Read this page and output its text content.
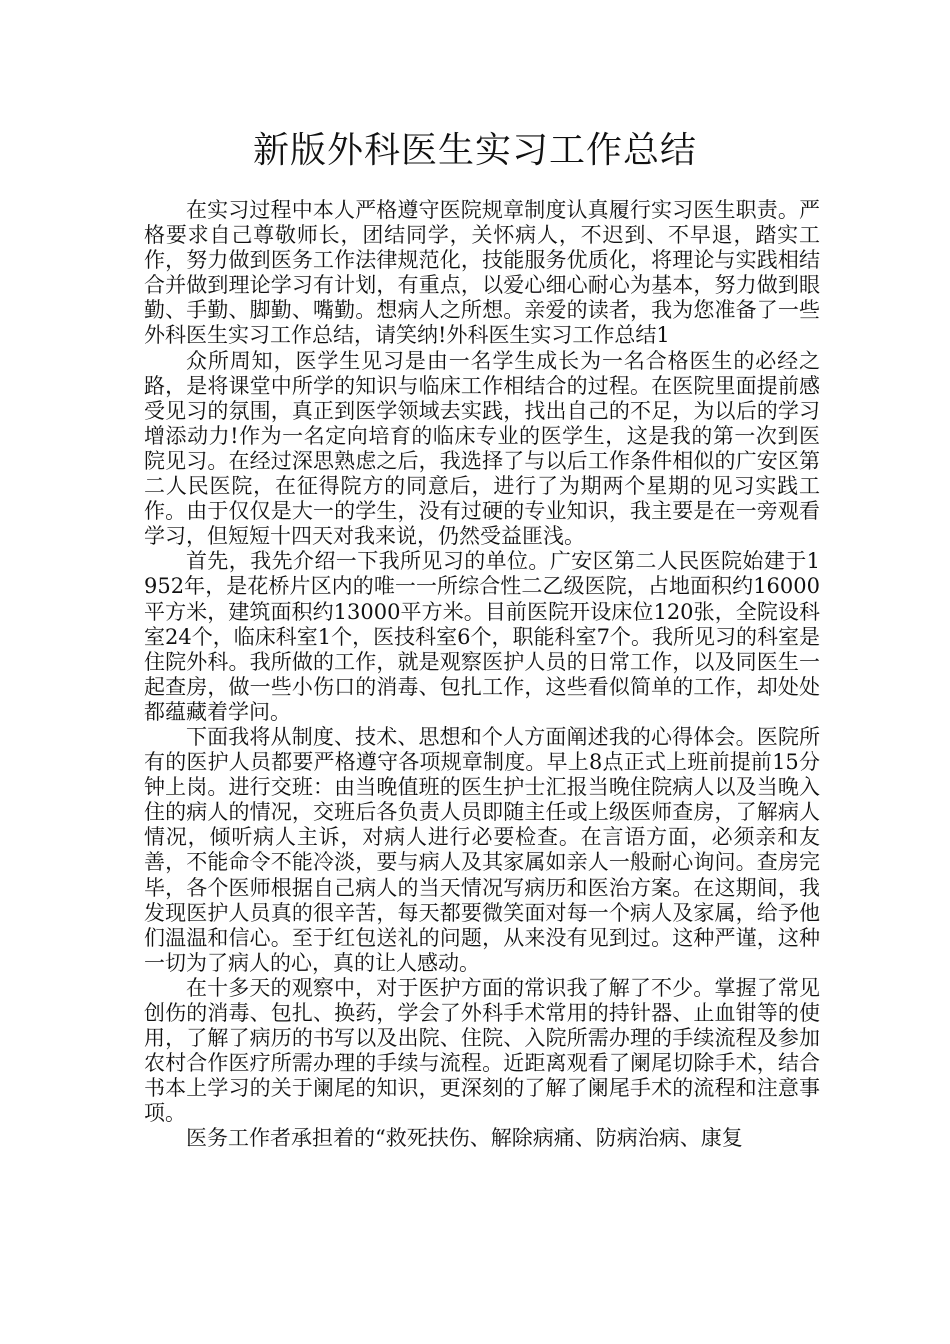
新版外科医生实习工作总结

在实习过程中本人严格遵守医院规章制度认真履行实习医生职责。严格要求自己尊敬师长，团结同学，关怀病人，不迟到、不早退，踏实工作，努力做到医务工作法律规范化，技能服务优质化，将理论与实践相结合并做到理论学习有计划，有重点，以爱心细心耐心为基本，努力做到眼勤、手勤、脚勤、嘴勤。想病人之所想。亲爱的读者，我为您准备了一些外科医生实习工作总结，请笑纳!外科医生实习工作总结1

众所周知，医学生见习是由一名学生成长为一名合格医生的必经之路，是将课堂中所学的知识与临床工作相结合的过程。在医院里面提前感受见习的氛围，真正到医学领域去实践，找出自己的不足，为以后的学习增添动力!作为一名定向培育的临床专业的医学生，这是我的第一次到医院见习。在经过深思熟虑之后，我选择了与以后工作条件相似的广安区第二人民医院，在征得院方的同意后，进行了为期两个星期的见习实践工作。由于仅仅是大一的学生，没有过硬的专业知识，我主要是在一旁观看学习，但短短十四天对我来说，仍然受益匪浅。

首先，我先介绍一下我所见习的单位。广安区第二人民医院始建于1952年，是花桥片区内的唯一一所综合性二乙级医院，占地面积约16000平方米，建筑面积约13000平方米。目前医院开设床位120张，全院设科室24个，临床科室1个，医技科室6个，职能科室7个。我所见习的科室是住院外科。我所做的工作，就是观察医护人员的日常工作，以及同医生一起查房，做一些小伤口的消毒、包扎工作，这些看似简单的工作，却处处都蕴藏着学问。

下面我将从制度、技术、思想和个人方面阐述我的心得体会。医院所有的医护人员都要严格遵守各项规章制度。早上8点正式上班前提前15分钟上岗。进行交班：由当晚值班的医生护士汇报当晚住院病人以及当晚入住的病人的情况，交班后各负责人员即随主任或上级医师查房，了解病人情况，倾听病人主诉，对病人进行必要检查。在言语方面，必须亲和友善，不能命令不能冷淡，要与病人及其家属如亲人一般耐心询问。查房完毕，各个医师根据自己病人的当天情况写病历和医治方案。在这期间，我发现医护人员真的很辛苦，每天都要微笑面对每一个病人及家属，给予他们温温和信心。至于红包送礼的问题，从来没有见到过。这种严谨，这种一切为了病人的心，真的让人感动。

在十多天的观察中，对于医护方面的常识我了解了不少。掌握了常见创伤的消毒、包扎、换药，学会了外科手术常用的持针器、止血钳等的使用，了解了病历的书写以及出院、住院、入院所需办理的手续流程及参加农村合作医疗所需办理的手续与流程。近距离观看了阑尾切除手术，结合书本上学习的关于阑尾的知识，更深刻的了解了阑尾手术的流程和注意事项。

医务工作者承担着的“救死扶伤、解除病痛、防病治病、康复
